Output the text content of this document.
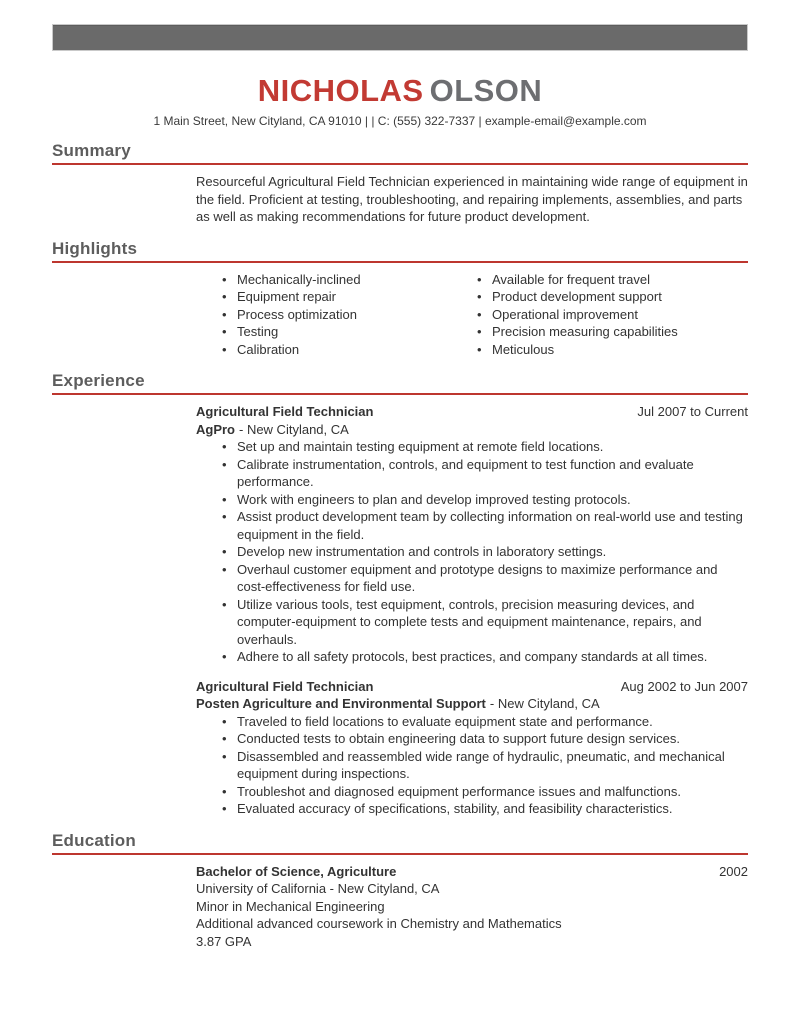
NICHOLAS OLSON
1 Main Street, New Cityland, CA 91010 | | C: (555) 322-7337 | example-email@example.com
Summary

Resourceful Agricultural Field Technician experienced in maintaining wide range of equipment in the field. Proficient at testing, troubleshooting, and repairing implements, assemblies, and parts as well as making recommendations for future product development.

Highlights
• Mechanically-inclined
• Equipment repair
• Process optimization
• Testing
• Calibration
• Available for frequent travel
• Product development support
• Operational improvement
• Precision measuring capabilities
• Meticulous
Experience
Agricultural Field Technician	Jul 2007 to Current
AgPro - New Cityland, CA
• Set up and maintain testing equipment at remote field locations.
• Calibrate instrumentation, controls, and equipment to test function and evaluate performance.
• Work with engineers to plan and develop improved testing protocols.
• Assist product development team by collecting information on real-world use and testing equipment in the field.
• Develop new instrumentation and controls in laboratory settings.
• Overhaul customer equipment and prototype designs to maximize performance and cost-effectiveness for field use.
• Utilize various tools, test equipment, controls, precision measuring devices, and computer-equipment to complete tests and equipment maintenance, repairs, and overhauls.
• Adhere to all safety protocols, best practices, and company standards at all times.
Agricultural Field Technician	Aug 2002 to Jun 2007
Posten Agriculture and Environmental Support - New Cityland, CA
• Traveled to field locations to evaluate equipment state and performance.
• Conducted tests to obtain engineering data to support future design services.
• Disassembled and reassembled wide range of hydraulic, pneumatic, and mechanical equipment during inspections.
• Troubleshot and diagnosed equipment performance issues and malfunctions.
• Evaluated accuracy of specifications, stability, and feasibility characteristics.
Education
Bachelor of Science, Agriculture	2002
University of California - New Cityland, CA
Minor in Mechanical Engineering
Additional advanced coursework in Chemistry and Mathematics
3.87 GPA
